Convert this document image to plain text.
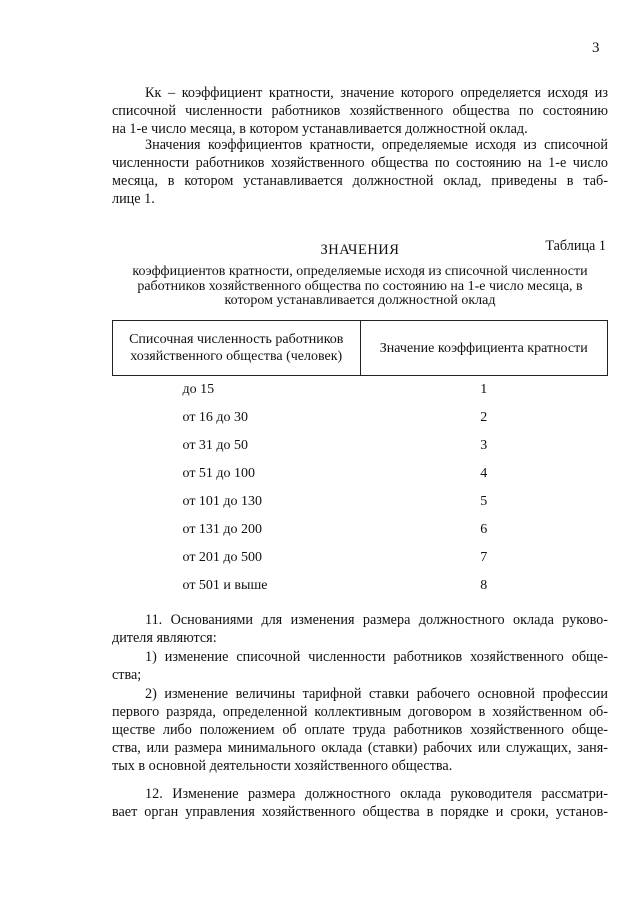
3

Кк – коэффициент кратности, значение которого определяется исходя из
списочной численности работников хозяйственного общества по состоянию
на 1-е число месяца, в котором устанавливается должностной оклад.

Значения коэффициентов кратности, определяемые исходя из списочной
численности работников хозяйственного общества по состоянию на 1-е число
месяца, в котором устанавливается должностной оклад, приведены в таб-
лице 1.

Таблица 1
ЗНАЧЕНИЯ
коэффициентов кратности, определяемые исходя из списочной численности
работников хозяйственного общества по состоянию на 1-е число месяца, в
котором устанавливается должностной оклад
Списочная численность работников хозяйственного общества (человек)	Значение коэффициента кратности
до 15	1
от 16 до 30	2
от 31 до 50	3
от 51 до 100	4
от 101 до 130	5
от 131 до 200	6
от 201 до 500	7
от 501 и выше	8

11. Основаниями для изменения размера должностного оклада руково-
дителя являются:

1) изменение списочной численности работников хозяйственного обще-
ства;

2) изменение величины тарифной ставки рабочего основной профессии
первого разряда, определенной коллективным договором в хозяйственном об-
ществе либо положением об оплате труда работников хозяйственного обще-
ства, или размера минимального оклада (ставки) рабочих или служащих, заня-
тых в основной деятельности хозяйственного общества.

12. Изменение размера должностного оклада руководителя рассматри-
вает орган управления хозяйственного общества в порядке и сроки, установ-
